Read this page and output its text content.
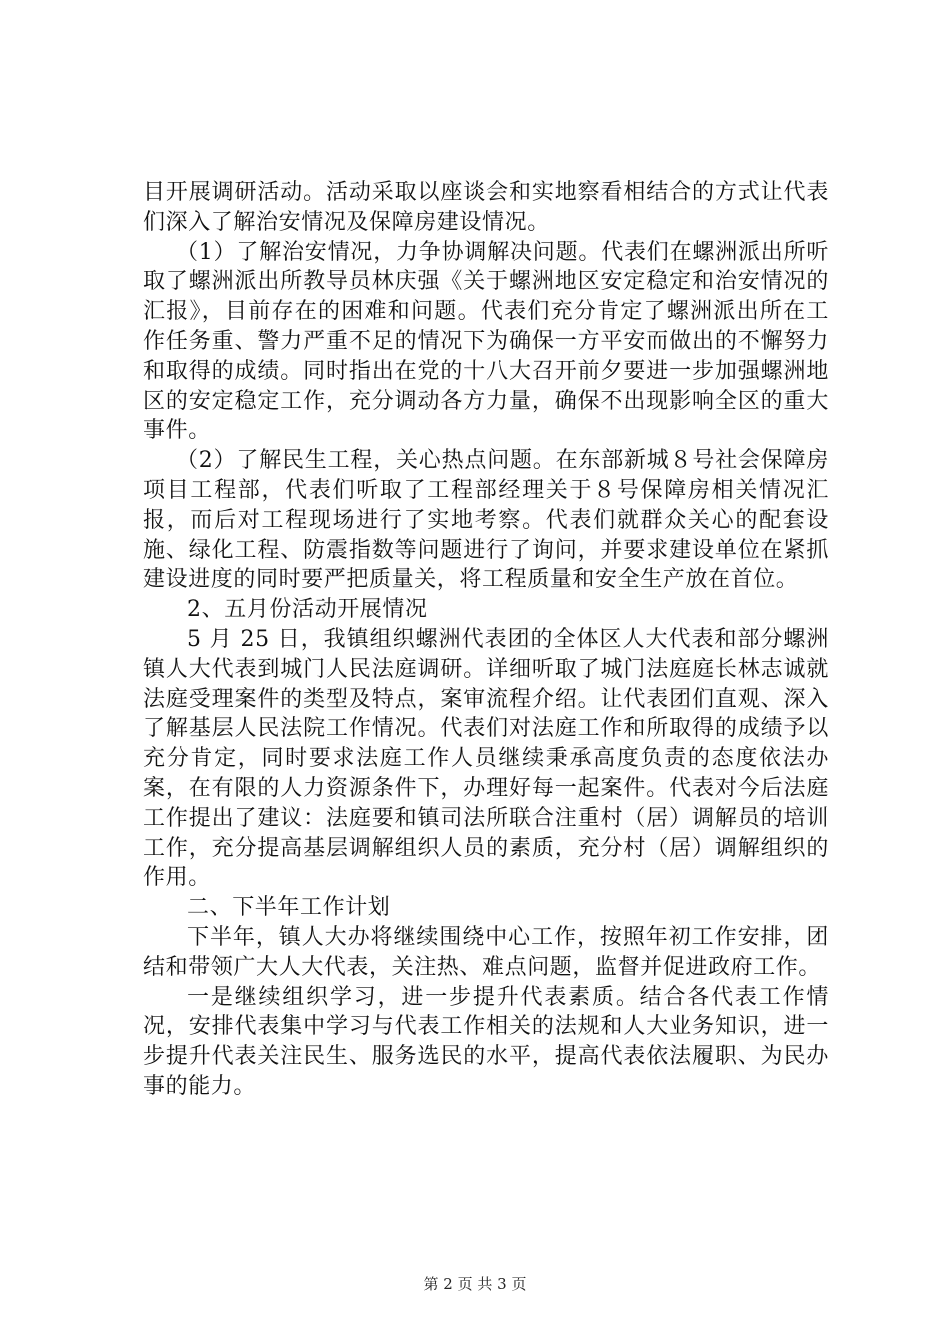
目开展调研活动。活动采取以座谈会和实地察看相结合的方式让代表们深入了解治安情况及保障房建设情况。

（1）了解治安情况，力争协调解决问题。代表们在螺洲派出所听取了螺洲派出所教导员林庆强《关于螺洲地区安定稳定和治安情况的汇报》，目前存在的困难和问题。代表们充分肯定了螺洲派出所在工作任务重、警力严重不足的情况下为确保一方平安而做出的不懈努力和取得的成绩。同时指出在党的十八大召开前夕要进一步加强螺洲地区的安定稳定工作，充分调动各方力量，确保不出现影响全区的重大事件。

（2）了解民生工程，关心热点问题。在东部新城８号社会保障房项目工程部，代表们听取了工程部经理关于８号保障房相关情况汇报，而后对工程现场进行了实地考察。代表们就群众关心的配套设施、绿化工程、防震指数等问题进行了询问，并要求建设单位在紧抓建设进度的同时要严把质量关，将工程质量和安全生产放在首位。

2、五月份活动开展情况

5 月 25 日，我镇组织螺洲代表团的全体区人大代表和部分螺洲镇人大代表到城门人民法庭调研。详细听取了城门法庭庭长林志诚就法庭受理案件的类型及特点，案审流程介绍。让代表团们直观、深入了解基层人民法院工作情况。代表们对法庭工作和所取得的成绩予以充分肯定，同时要求法庭工作人员继续秉承高度负责的态度依法办案，在有限的人力资源条件下，办理好每一起案件。代表对今后法庭工作提出了建议：法庭要和镇司法所联合注重村（居）调解员的培训工作，充分提高基层调解组织人员的素质，充分村（居）调解组织的作用。

二、下半年工作计划

下半年，镇人大办将继续围绕中心工作，按照年初工作安排，团结和带领广大人大代表，关注热、难点问题，监督并促进政府工作。

一是继续组织学习，进一步提升代表素质。结合各代表工作情况，安排代表集中学习与代表工作相关的法规和人大业务知识，进一步提升代表关注民生、服务选民的水平，提高代表依法履职、为民办事的能力。

第 2 页 共 3 页
